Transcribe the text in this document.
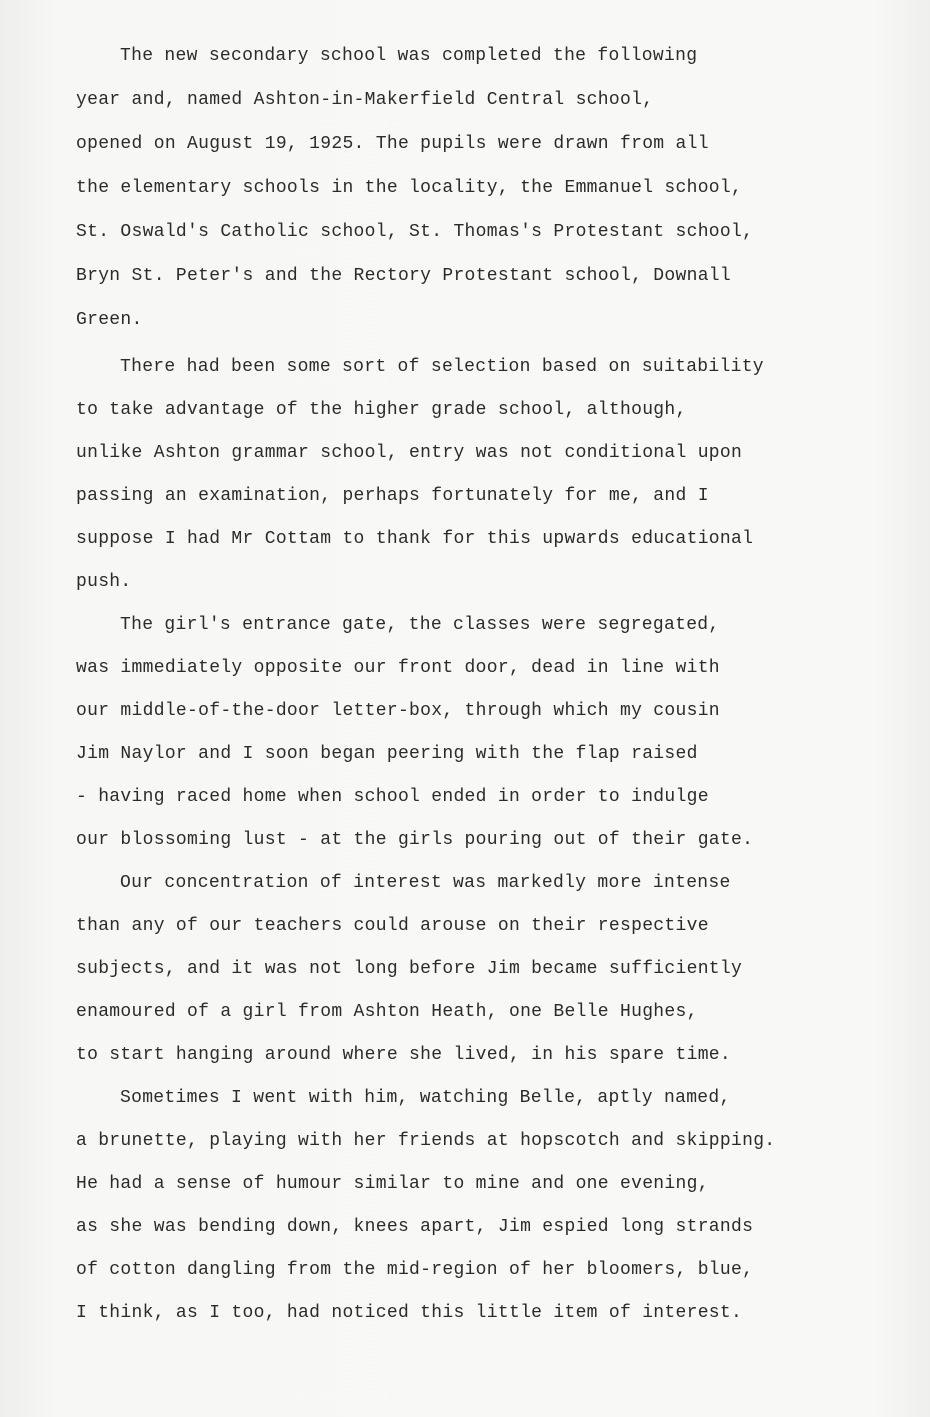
The new secondary school was completed the following
year and, named Ashton-in-Makerfield Central school,
opened on August 19, 1925. The pupils were drawn from all
the elementary schools in the locality, the Emmanuel school,
St. Oswald's Catholic school, St. Thomas's Protestant school,
Bryn St. Peter's and the Rectory Protestant school, Downall
Green.
There had been some sort of selection based on suitability
to take advantage of the higher grade school, although,
unlike Ashton grammar school, entry was not conditional upon
passing an examination, perhaps fortunately for me, and I
suppose I had Mr Cottam to thank for this upwards educational
push.
The girl's entrance gate, the classes were segregated,
was immediately opposite our front door, dead in line with
our middle-of-the-door letter-box, through which my cousin
Jim Naylor and I soon began peering with the flap raised
- having raced home when school ended in order to indulge
our blossoming lust - at the girls pouring out of their gate.
Our concentration of interest was markedly more intense
than any of our teachers could arouse on their respective
subjects, and it was not long before Jim became sufficiently
enamoured of a girl from Ashton Heath, one Belle Hughes,
to start hanging around where she lived, in his spare time.
Sometimes I went with him, watching Belle, aptly named,
a brunette, playing with her friends at hopscotch and skipping.
He had a sense of humour similar to mine and one evening,
as she was bending down, knees apart, Jim espied long strands
of cotton dangling from the mid-region of her bloomers, blue,
I think, as I too, had noticed this little item of interest.
